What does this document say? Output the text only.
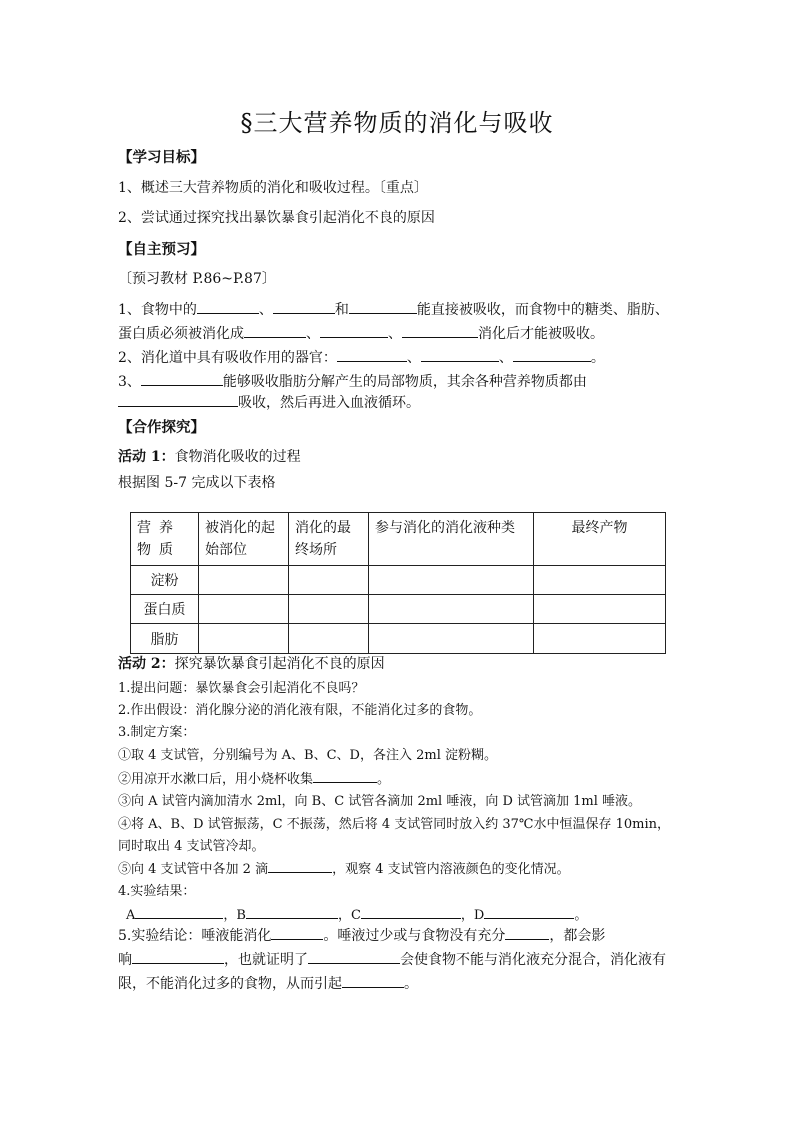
§三大营养物质的消化与吸收
【学习目标】
1、概述三大营养物质的消化和吸收过程。〔重点〕
2、尝试通过探究找出暴饮暴食引起消化不良的原因
【自主预习】
〔预习教材 P.86~P.87〕
1、食物中的	、	和	能直接被吸收，而食物中的糖类、脂肪、
蛋白质必须被消化成	、	、	消化后才能被吸收。
2、消化道中具有吸收作用的器官：	、	、	。
3、	能够吸收脂肪分解产生的局部物质，其余各种营养物质都由
吸收，然后再进入血液循环。
【合作探究】
活动 1：食物消化吸收的过程
根据图 5-7 完成以下表格
营养物质	被消化的起始部位	消化的最终场所	参与消化的消化液种类	最终产物
淀粉				
蛋白质				
脂肪				
活动 2：探究暴饮暴食引起消化不良的原因
1.提出问题：暴饮暴食会引起消化不良吗？
2.作出假设：消化腺分泌的消化液有限，不能消化过多的食物。
3.制定方案：
①取 4 支试管，分别编号为 A、B、C、D，各注入 2ml 淀粉糊。
②用凉开水漱口后，用小烧杯收集	。
③向 A 试管内滴加清水 2ml，向 B、C 试管各滴加 2ml 唾液，向 D 试管滴加 1ml 唾液。
④将 A、B、D 试管振荡，C 不振荡，然后将 4 支试管同时放入约 37℃水中恒温保存 10min，
同时取出 4 支试管冷却。
⑤向 4 支试管中各加 2 滴	，观察 4 支试管内溶液颜色的变化情况。
4.实验结果：
A	，B	，C	，D	。
5.实验结论：唾液能消化	。唾液过少或与食物没有充分	，都会影
响	，也就证明了	会使食物不能与消化液充分混合，消化液有
限，不能消化过多的食物，从而引起	。
